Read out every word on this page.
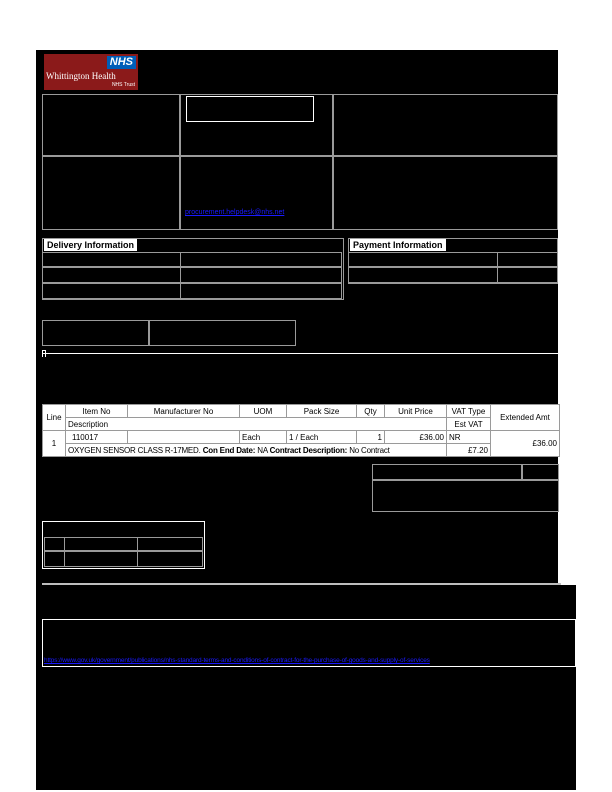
NHS
Whittington Health
NHS Trust
procurement.helpdesk@nhs.net
Delivery Information	Payment Information
Line	Item No	Manufacturer No	UOM	Pack Size	Qty	Unit Price	VAT Type	Extended Amt
	Description						Est VAT	
1	110017		Each	1 / Each	1	£36.00	NR	£36.00
	OXYGEN SENSOR CLASS R-17MED. Con End Date: NA Contract Description: No Contract						£7.20	
https://www.gov.uk/government/publications/nhs-standard-terms-and-conditions-of-contract-for-the-purchase-of-goods-and-supply-of-services
